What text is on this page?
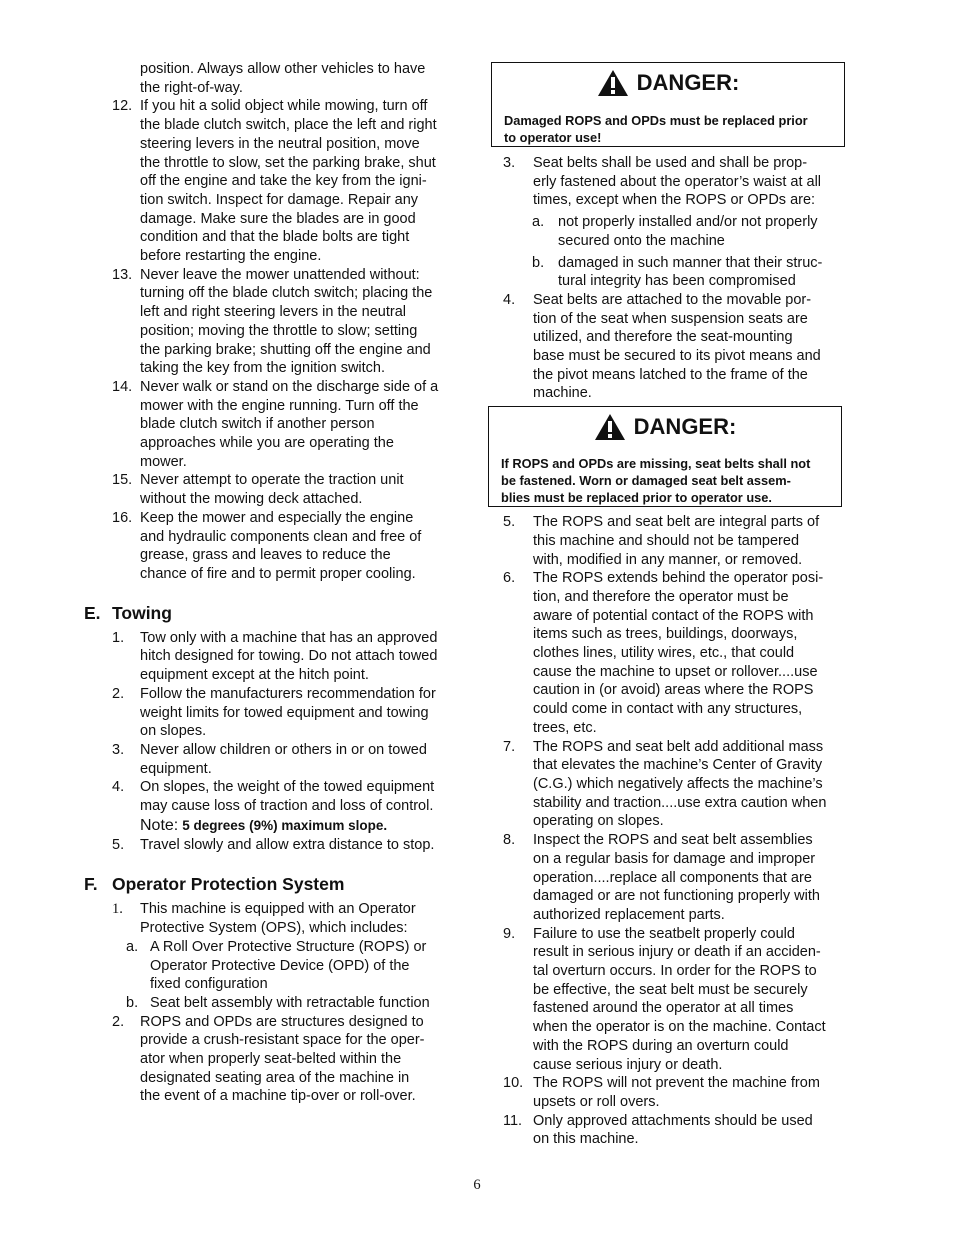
position. Always allow other vehicles to have
the right-of-way.
12. If you hit a solid object while mowing, turn off
the blade clutch switch, place the left and right
steering levers in the neutral position, move
the throttle to slow, set the parking brake, shut
off the engine and take the key from the igni-
tion switch. Inspect for damage. Repair any
damage. Make sure the blades are in good
condition and that the blade bolts are tight
before restarting the engine.
13. Never leave the mower unattended without:
turning off the blade clutch switch; placing the
left and right steering levers in the neutral
position; moving the throttle to slow; setting
the parking brake; shutting off the engine and
taking the key from the ignition switch.
14. Never walk or stand on the discharge side of a
mower with the engine running. Turn off the
blade clutch switch if another person
approaches while you are operating the
mower.
15. Never attempt to operate the traction unit
without the mowing deck attached.
16. Keep the mower and especially the engine
and hydraulic components clean and free of
grease, grass and leaves to reduce the
chance of fire and to permit proper cooling.
E. Towing
1. Tow only with a machine that has an approved
hitch designed for towing. Do not attach towed
equipment except at the hitch point.
2. Follow the manufacturers recommendation for
weight limits for towed equipment and towing
on slopes.
3. Never allow children or others in or on towed
equipment.
4. On slopes, the weight of the towed equipment
may cause loss of traction and loss of control.
Note: 5 degrees (9%) maximum slope.
5. Travel slowly and allow extra distance to stop.
F. Operator Protection System
1. This machine is equipped with an Operator
Protective System (OPS), which includes:
a. A Roll Over Protective Structure (ROPS) or
Operator Protective Device (OPD) of the
fixed configuration
b. Seat belt assembly with retractable function
2. ROPS and OPDs are structures designed to
provide a crush-resistant space for the oper-
ator when properly seat-belted within the
designated seating area of the machine in
the event of a machine tip-over or roll-over.
DANGER:
Damaged ROPS and OPDs must be replaced prior
to operator use!
3. Seat belts shall be used and shall be prop-
erly fastened about the operator’s waist at all
times, except when the ROPS or OPDs are:
a. not properly installed and/or not properly
secured onto the machine
b. damaged in such manner that their struc-
tural integrity has been compromised
4. Seat belts are attached to the movable por-
tion of the seat when suspension seats are
utilized, and therefore the seat-mounting
base must be secured to its pivot means and
the pivot means latched to the frame of the
machine.
DANGER:
If ROPS and OPDs are missing, seat belts shall not
be fastened. Worn or damaged seat belt assem-
blies must be replaced prior to operator use.
5. The ROPS and seat belt are integral parts of
this machine and should not be tampered
with, modified in any manner, or removed.
6. The ROPS extends behind the operator posi-
tion, and therefore the operator must be
aware of potential contact of the ROPS with
items such as trees, buildings, doorways,
clothes lines, utility wires, etc., that could
cause the machine to upset or rollover....use
caution in (or avoid) areas where the ROPS
could come in contact with any structures,
trees, etc.
7. The ROPS and seat belt add additional mass
that elevates the machine’s Center of Gravity
(C.G.) which negatively affects the machine’s
stability and traction....use extra caution when
operating on slopes.
8. Inspect the ROPS and seat belt assemblies
on a regular basis for damage and improper
operation....replace all components that are
damaged or are not functioning properly with
authorized replacement parts.
9. Failure to use the seatbelt properly could
result in serious injury or death if an acciden-
tal overturn occurs. In order for the ROPS to
be effective, the seat belt must be securely
fastened around the operator at all times
when the operator is on the machine. Contact
with the ROPS during an overturn could
cause serious injury or death.
10. The ROPS will not prevent the machine from
upsets or roll overs.
11. Only approved attachments should be used
on this machine.
6
